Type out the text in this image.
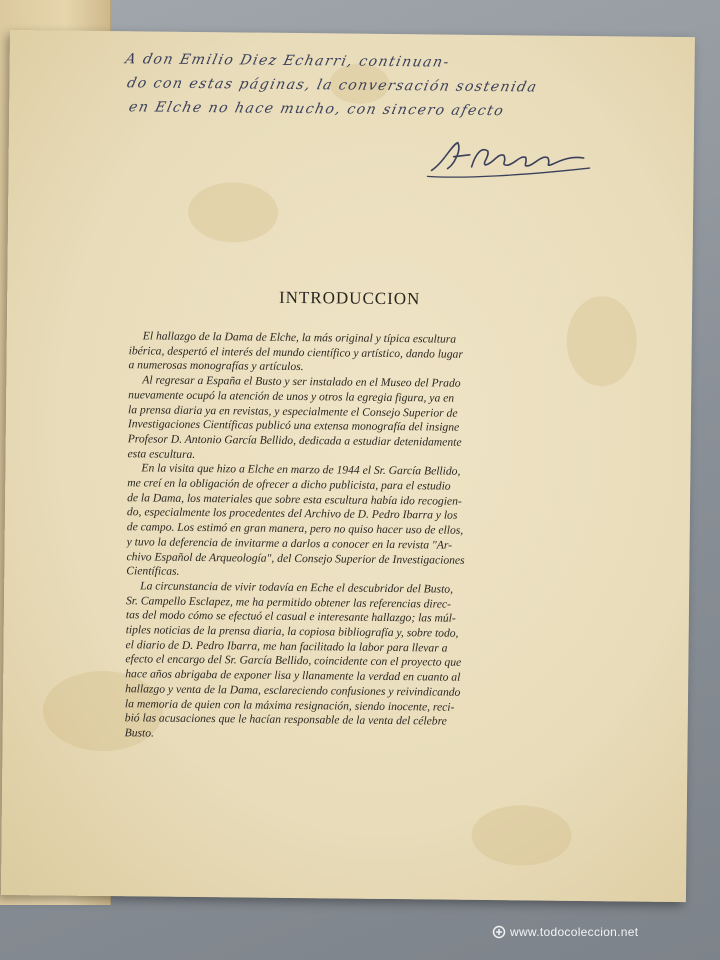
A don Emilio Diez Echarri, continuan-
do con estas páginas, la conversación sostenida
en Elche no hace mucho, con sincero afecto
INTRODUCCION

El hallazgo de la Dama de Elche, la más original y típica escultura
ibérica, despertó el interés del mundo científico y artístico, dando lugar
a numerosas monografías y artículos.

Al regresar a España el Busto y ser instalado en el Museo del Prado
nuevamente ocupó la atención de unos y otros la egregia figura, ya en
la prensa diaria ya en revistas, y especialmente el Consejo Superior de
Investigaciones Científicas publicó una extensa monografía del insigne
Profesor D. Antonio García Bellido, dedicada a estudiar detenidamente
esta escultura.

En la visita que hizo a Elche en marzo de 1944 el Sr. García Bellido,
me creí en la obligación de ofrecer a dicho publicista, para el estudio
de la Dama, los materiales que sobre esta escultura había ido recogien-
do, especialmente los procedentes del Archivo de D. Pedro Ibarra y los
de campo. Los estimó en gran manera, pero no quiso hacer uso de ellos,
y tuvo la deferencia de invitarme a darlos a conocer en la revista "Ar-
chivo Español de Arqueología", del Consejo Superior de Investigaciones
Científicas.

La circunstancia de vivir todavía en Eche el descubridor del Busto,
Sr. Campello Esclapez, me ha permitido obtener las referencias direc-
tas del modo cómo se efectuó el casual e interesante hallazgo; las múl-
tiples noticias de la prensa diaria, la copiosa bibliografía y, sobre todo,
el diario de D. Pedro Ibarra, me han facilitado la labor para llevar a
efecto el encargo del Sr. García Bellido, coincidente con el proyecto que
hace años abrigaba de exponer lisa y llanamente la verdad en cuanto al
hallazgo y venta de la Dama, esclareciendo confusiones y reivindicando
la memoria de quien con la máxima resignación, siendo inocente, reci-
bió las acusaciones que le hacían responsable de la venta del célebre
Busto.

www.todocoleccion.net
